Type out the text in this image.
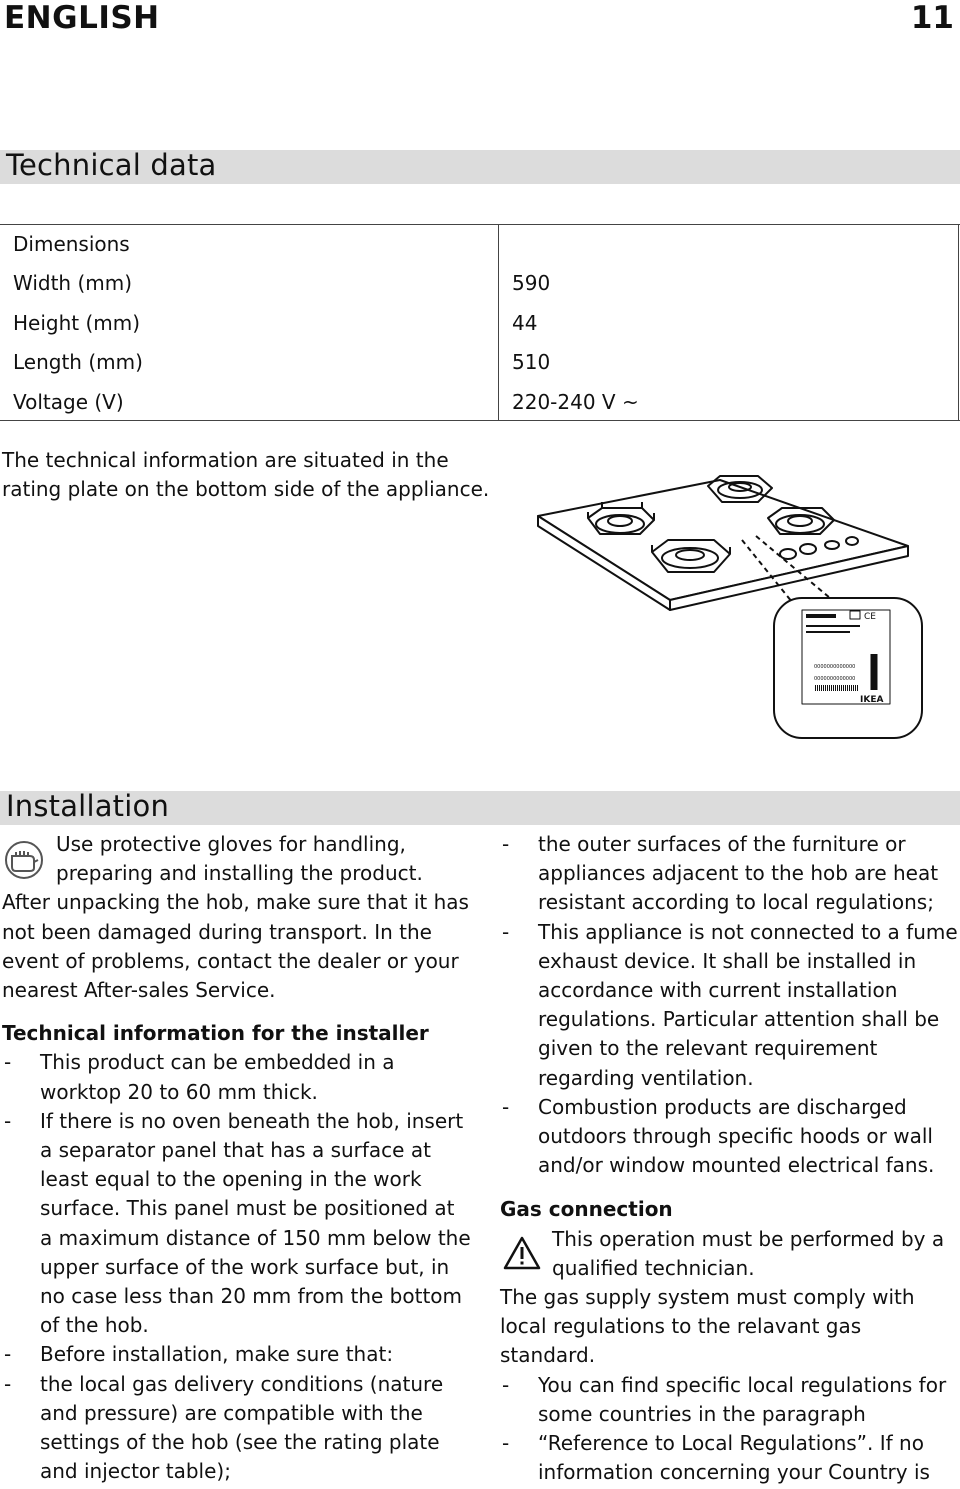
ENGLISH	11
Technical data
Dimensions
Width (mm)	590
Height (mm)	44
Length (mm)	510
Voltage (V)	220-240 V ~
The technical information are situated in the rating plate on the bottom side of the appliance.
CE
0000000000000
0000000000000
IKEA
Installation
Use protective gloves for handling, preparing and installing the product.
After unpacking the hob, make sure that it has not been damaged during transport. In the event of problems, contact the dealer or your nearest After-sales Service.
Technical information for the installer
- This product can be embedded in a worktop 20 to 60 mm thick.
- If there is no oven beneath the hob, insert a separator panel that has a surface at least equal to the opening in the work surface. This panel must be positioned at a maximum distance of 150 mm below the upper surface of the work surface but, in no case less than 20 mm from the bottom of the hob.
- Before installation, make sure that:
- the local gas delivery conditions (nature and pressure) are compatible with the settings of the hob (see the rating plate and injector table);
- the outer surfaces of the furniture or appliances adjacent to the hob are heat resistant according to local regulations;
- This appliance is not connected to a fume exhaust device. It shall be installed in accordance with current installation regulations. Particular attention shall be given to the relevant requirement regarding ventilation.
- Combustion products are discharged outdoors through specific hoods or wall and/or window mounted electrical fans.
Gas connection
This operation must be performed by a qualified technician.
The gas supply system must comply with local regulations to the relavant gas standard.
- You can find specific local regulations for some countries in the paragraph
- “Reference to Local Regulations”. If no information concerning your Country is
